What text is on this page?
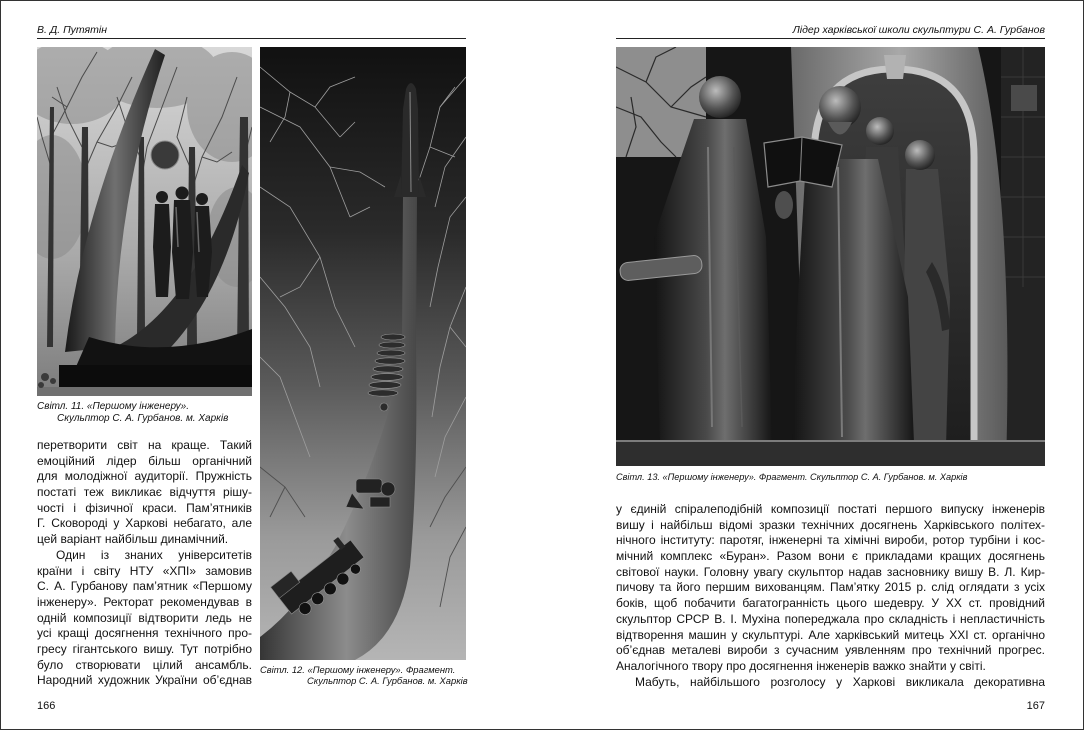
В. Д. Путятін
Світл. 11. «Першому інженеру».
Скульптор С. А. Гурбанов. м. Харків
Світл. 12. «Першому інженеру». Фрагмент.
Скульптор С. А. Гурбанов. м. Харків
перетворити світ на краще. Такий
емоційний лідер більш органічний
для молодіжної аудиторії. Пружність
постаті теж викликає відчуття рішу-
чості і фізичної краси. Пам’ятників
Г. Сковороді у Харкові небагато, але
цей варіант найбільш динамічний.
Один із знаних університетів
країни і світу НТУ «ХПІ» замовив
С. А. Гурбанову пам’ятник «Першому
інженеру». Ректорат рекомендував в
одній композиції відтворити ледь не
усі кращі досягнення технічного про-
гресу гігантського вишу. Тут потрібно
було створювати цілий ансамбль.
Народний художник України об’єднав
166
Лідер харківської школи скульптури С. А. Гурбанов
Світл. 13. «Першому інженеру». Фрагмент. Скульптор С. А. Гурбанов. м. Харків
у єдиній спіралеподібній композиції постаті першого випуску інженерів
вишу і найбільш відомі зразки технічних досягнень Харківського політех-
нічного інституту: паротяг, інженерні та хімічні вироби, ротор турбіни і кос-
мічний комплекс «Буран». Разом вони є прикладами кращих досягнень
світової науки. Головну увагу скульптор надав засновнику вишу В. Л. Кир-
пичову та його першим вихованцям. Пам’ятку 2015 р. слід оглядати з усіх
боків, щоб побачити багатогранність цього шедевру. У XX ст. провідний
скульптор СРСР В. І. Мухіна попереджала про складність і непластичність
відтворення машин у скульптурі. Але харківський митець XXI ст. органічно
об’єднав металеві вироби з сучасним уявленням про технічний прогрес.
Аналогічного твору про досягнення інженерів важко знайти у світі.
Мабуть, найбільшого розголосу у Харкові викликала декоративна
167
